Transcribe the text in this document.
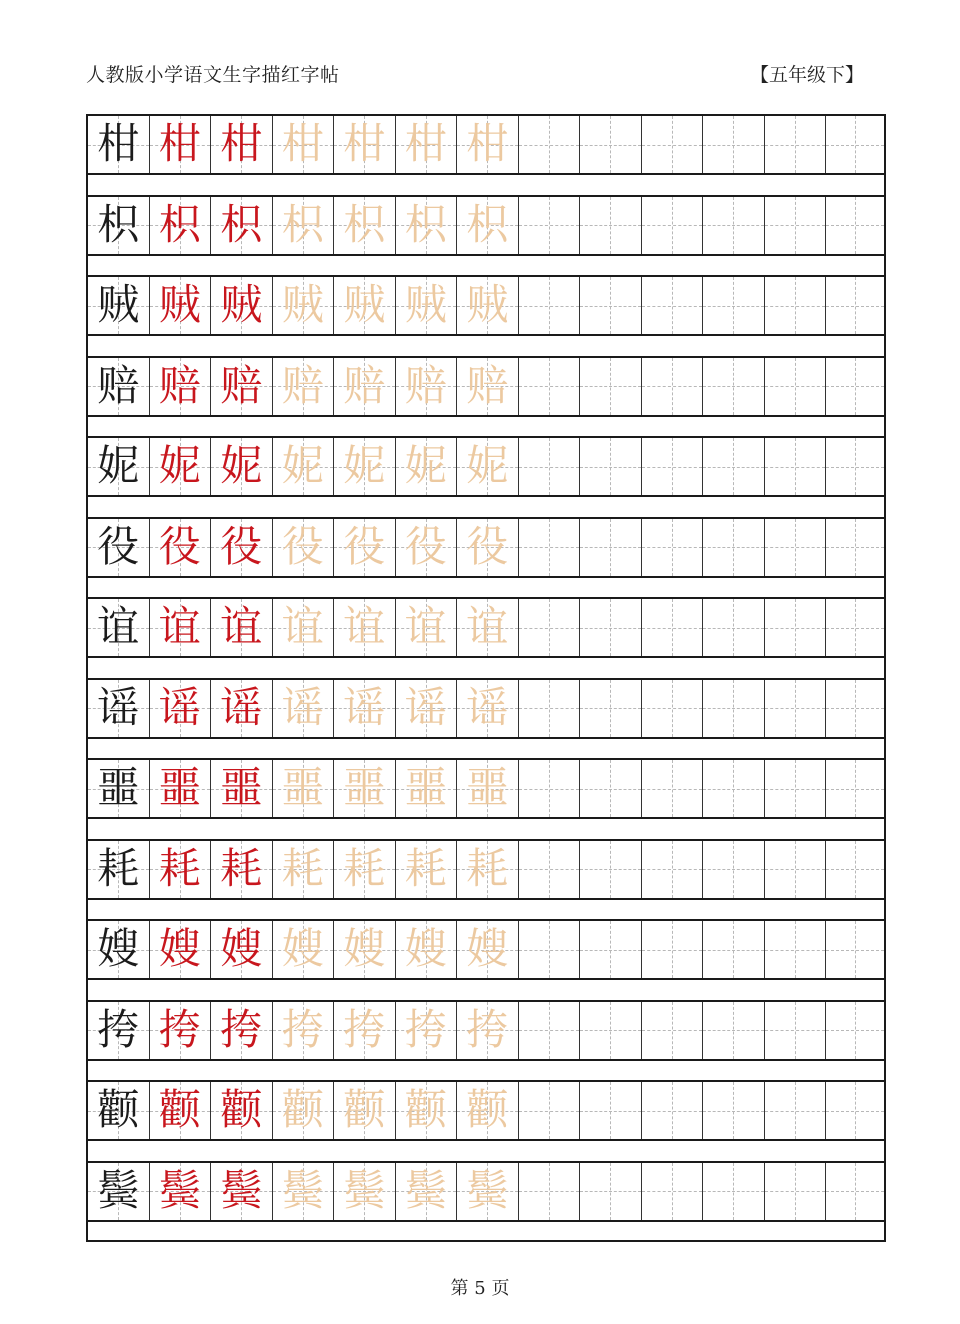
人教版小学语文生字描红字帖	【五年级下】
柑 柑 柑 柑 柑 柑 柑
枳 枳 枳 枳 枳 枳 枳
贼 贼 贼 贼 贼 贼 贼
赔 赔 赔 赔 赔 赔 赔
妮 妮 妮 妮 妮 妮 妮
役 役 役 役 役 役 役
谊 谊 谊 谊 谊 谊 谊
谣 谣 谣 谣 谣 谣 谣
噩 噩 噩 噩 噩 噩 噩
耗 耗 耗 耗 耗 耗 耗
嫂 嫂 嫂 嫂 嫂 嫂 嫂
挎 挎 挎 挎 挎 挎 挎
颧 颧 颧 颧 颧 颧 颧
鬓 鬓 鬓 鬓 鬓 鬓 鬓
第 5 页
